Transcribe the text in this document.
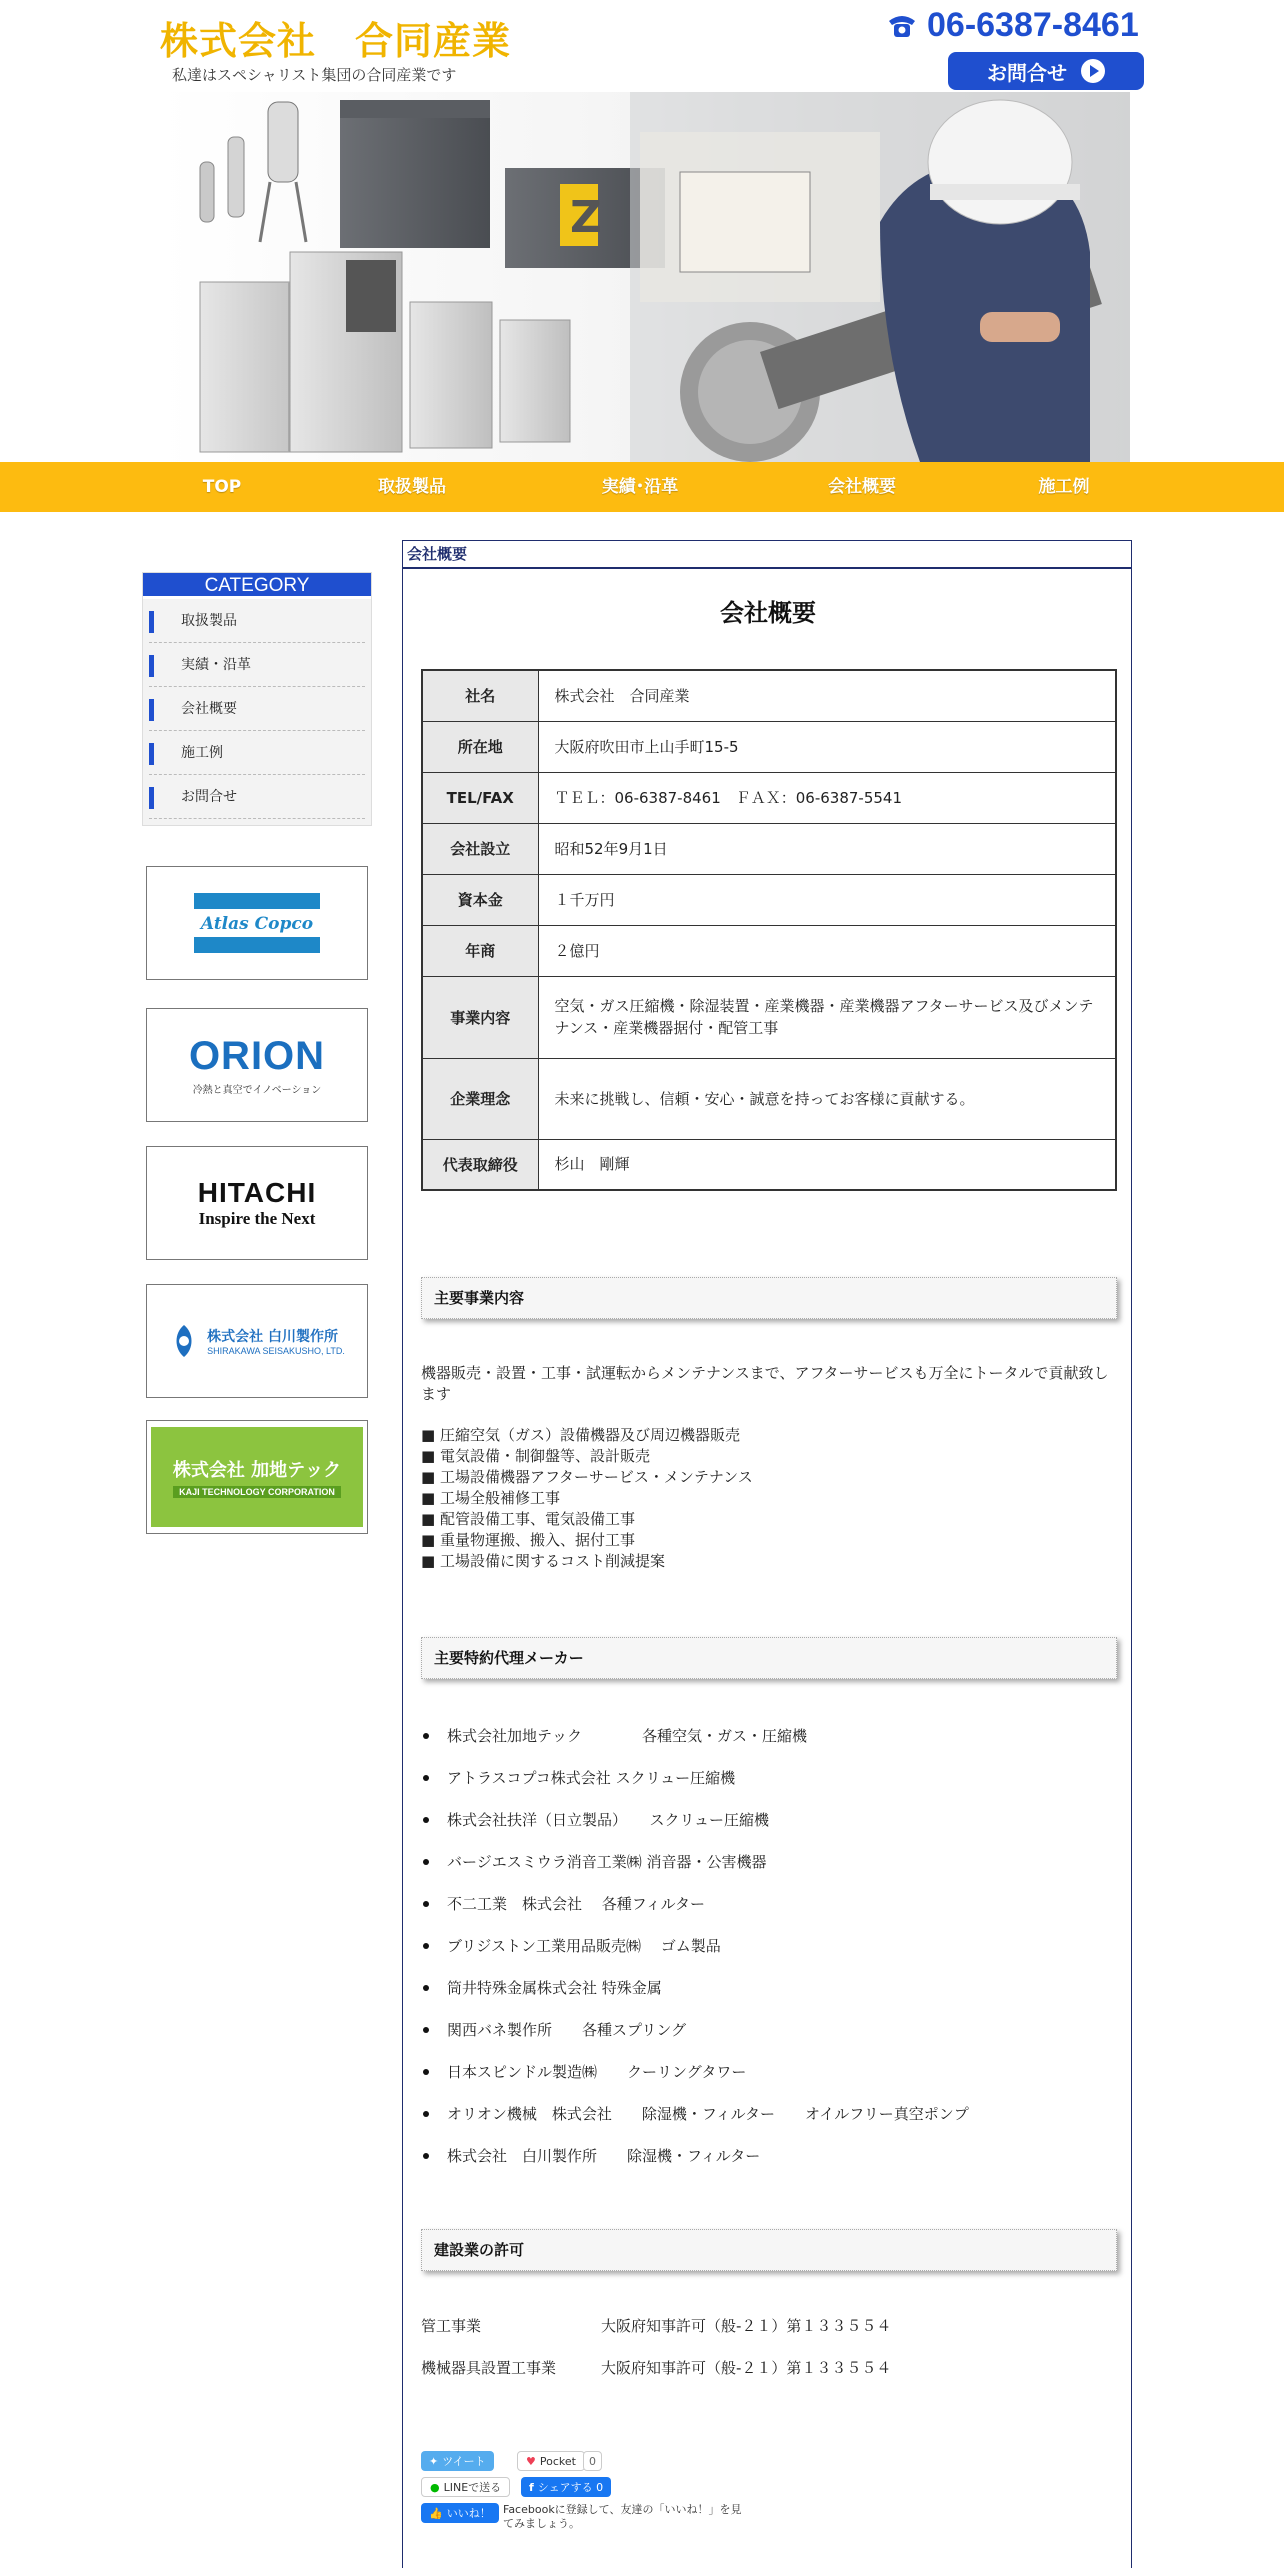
株式会社　合同産業
私達はスペシャリスト集団の合同産業です
06-6387-8461
お問合せ
Z
TOP	取扱製品	実績･沿革	会社概要	施工例
CATEGORY
取扱製品
実績・沿革
会社概要
施工例
お問合せ
Atlas Copco
ORION
冷熱と真空でイノベーション
HITACHI
Inspire the Next
株式会社 白川製作所
SHIRAKAWA SEISAKUSHO, LTD.
株式会社 加地テック
KAJI TECHNOLOGY CORPORATION
会社概要
会社概要
社名	株式会社　合同産業
所在地	大阪府吹田市上山手町15-5
TEL/FAX	ＴＥＬ：06-6387-8461　ＦＡＸ：06-6387-5541
会社設立	昭和52年9月1日
資本金	１千万円
年商	２億円
事業内容	空気・ガス圧縮機・除湿装置・産業機器・産業機器アフターサービス及びメンテナンス・産業機器据付・配管工事
企業理念	未来に挑戦し、信頼・安心・誠意を持ってお客様に貢献する。
代表取締役	杉山　剛輝
主要事業内容
機器販売・設置・工事・試運転からメンテナンスまで、アフターサービスも万全にトータルで貢献致します

■ 圧縮空気（ガス）設備機器及び周辺機器販売

■ 電気設備・制御盤等、設計販売

■ 工場設備機器アフターサービス・メンテナンス

■ 工場全般補修工事

■ 配管設備工事、電気設備工事

■ 重量物運搬、搬入、据付工事

■ 工場設備に関するコスト削減提案

主要特約代理メーカー
株式会社加地テック　　　　各種空気・ガス・圧縮機
アトラスコプコ株式会社 スクリュー圧縮機
株式会社扶洋（日立製品）　　スクリュー圧縮機
バージエスミウラ消音工業㈱ 消音器・公害機器
不二工業　株式会社　 各種フィルター
ブリジストン工業用品販売㈱　 ゴム製品
筒井特殊金属株式会社 特殊金属
関西バネ製作所　　各種スプリング
日本スピンドル製造㈱　　クーリングタワー
オリオン機械　株式会社　　除湿機・フィルター　　オイルフリー真空ポンプ
株式会社　白川製作所　　除湿機・フィルター
建設業の許可
管工事業	大阪府知事許可（般-２１）第１３３５５４
機械器具設置工事業	大阪府知事許可（般-２１）第１３３５５４
✦ ツイート	♥ Pocket	0
● LINEで送る	f シェアする 0
👍 いいね！ Facebookに登録して、友達の「いいね！」を見てみましょう。
